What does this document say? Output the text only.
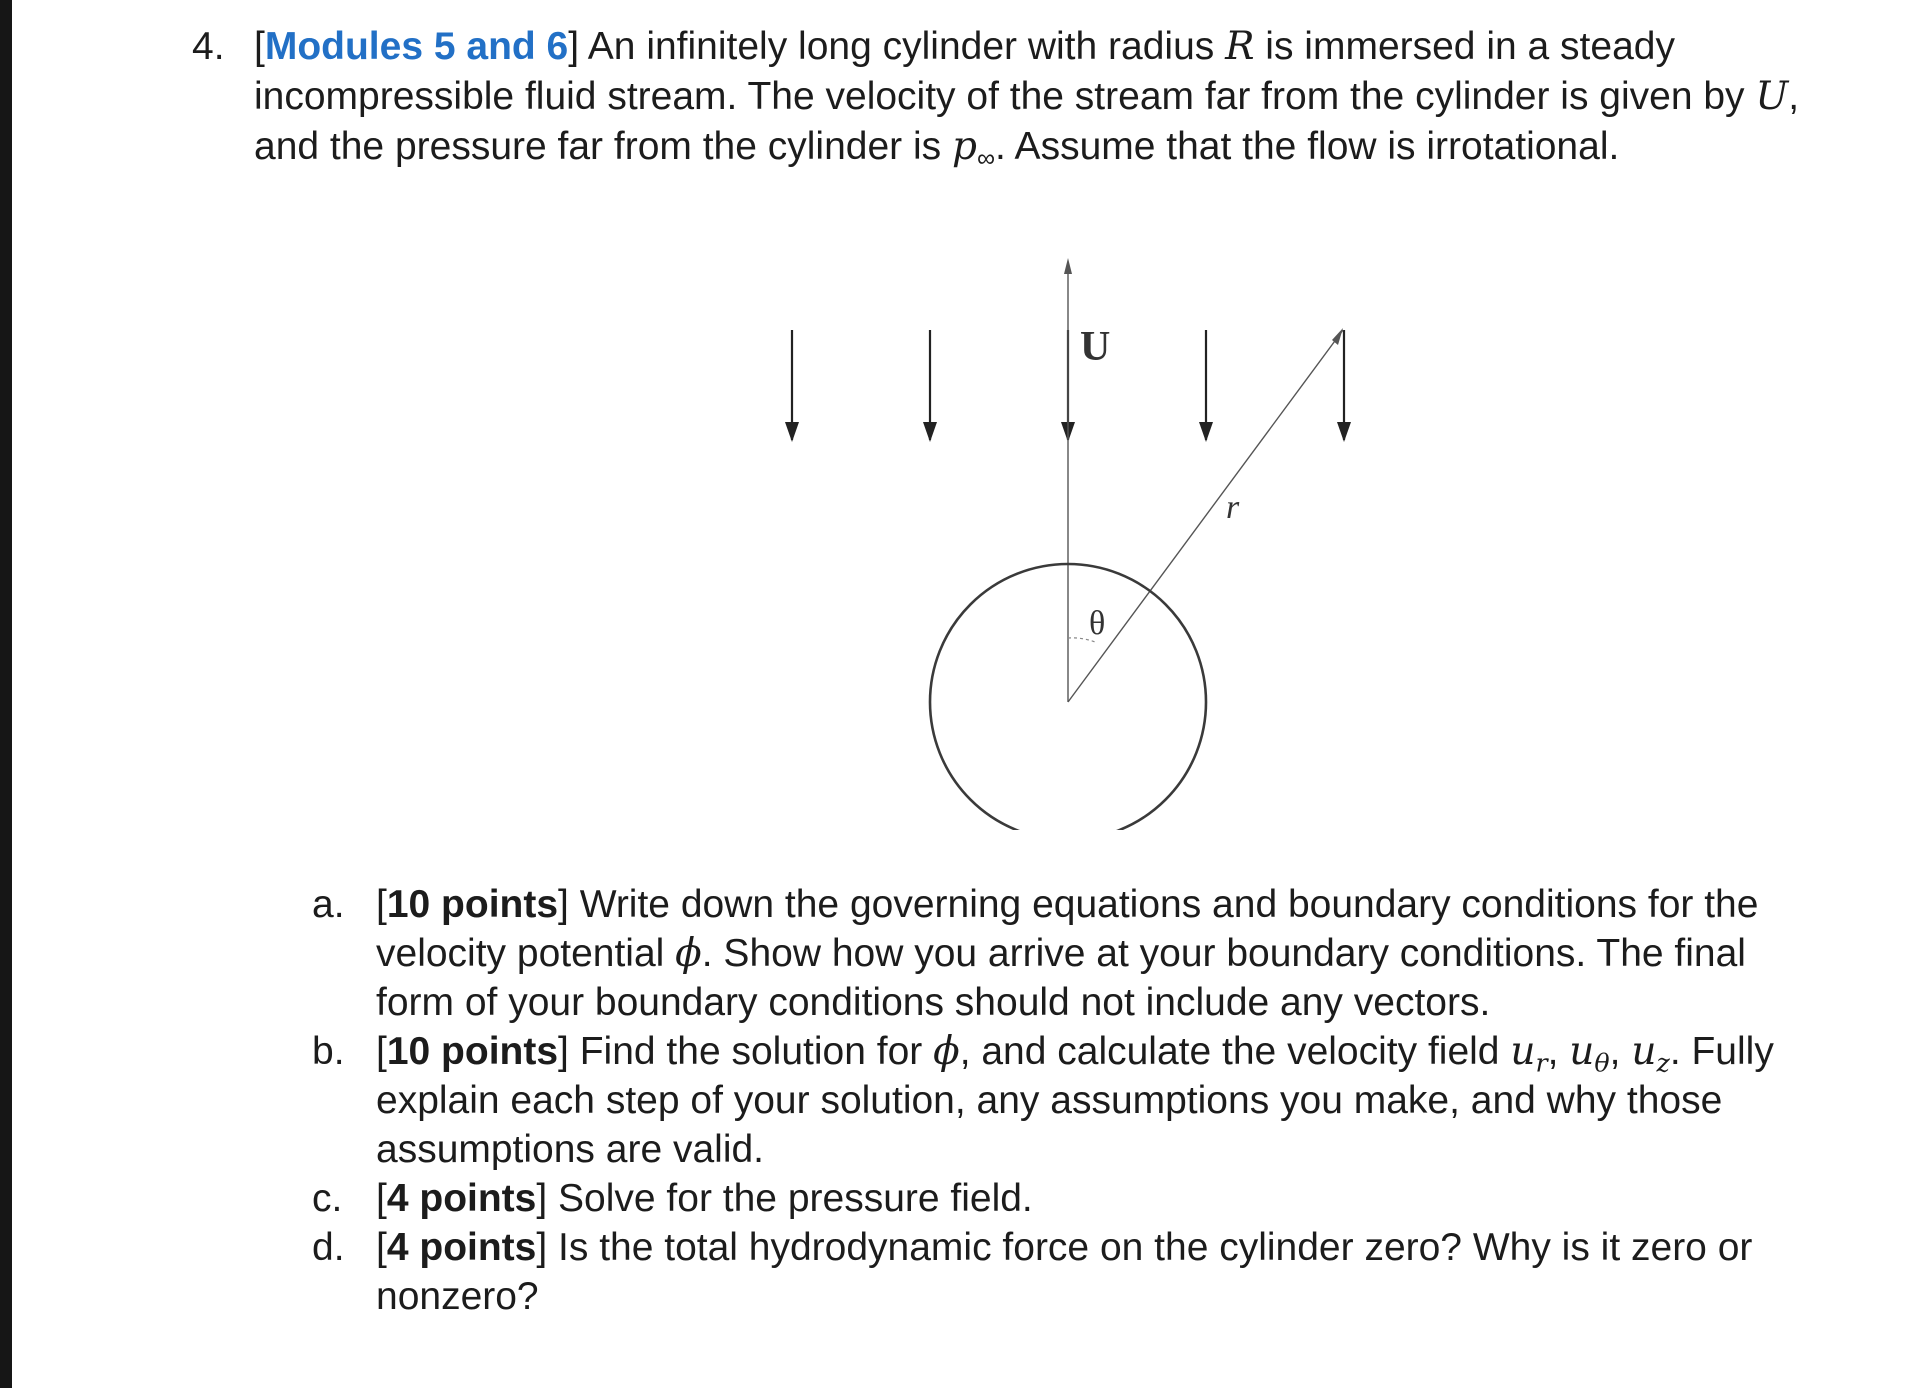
4. [Modules 5 and 6] An infinitely long cylinder with radius R is immersed in a steady
incompressible fluid stream. The velocity of the stream far from the cylinder is given by U,
and the pressure far from the cylinder is $p_\infty$. Assume that the flow is irrotational.
U
r
θ
a. [10 points] Write down the governing equations and boundary conditions for the
velocity potential ϕ. Show how you arrive at your boundary conditions. The final
form of your boundary conditions should not include any vectors.
b. [10 points] Find the solution for ϕ, and calculate the velocity field $u_r$, $u_\theta$, $u_z$. Fully
explain each step of your solution, any assumptions you make, and why those
assumptions are valid.
c. [4 points] Solve for the pressure field.
d. [4 points] Is the total hydrodynamic force on the cylinder zero? Why is it zero or
nonzero?
